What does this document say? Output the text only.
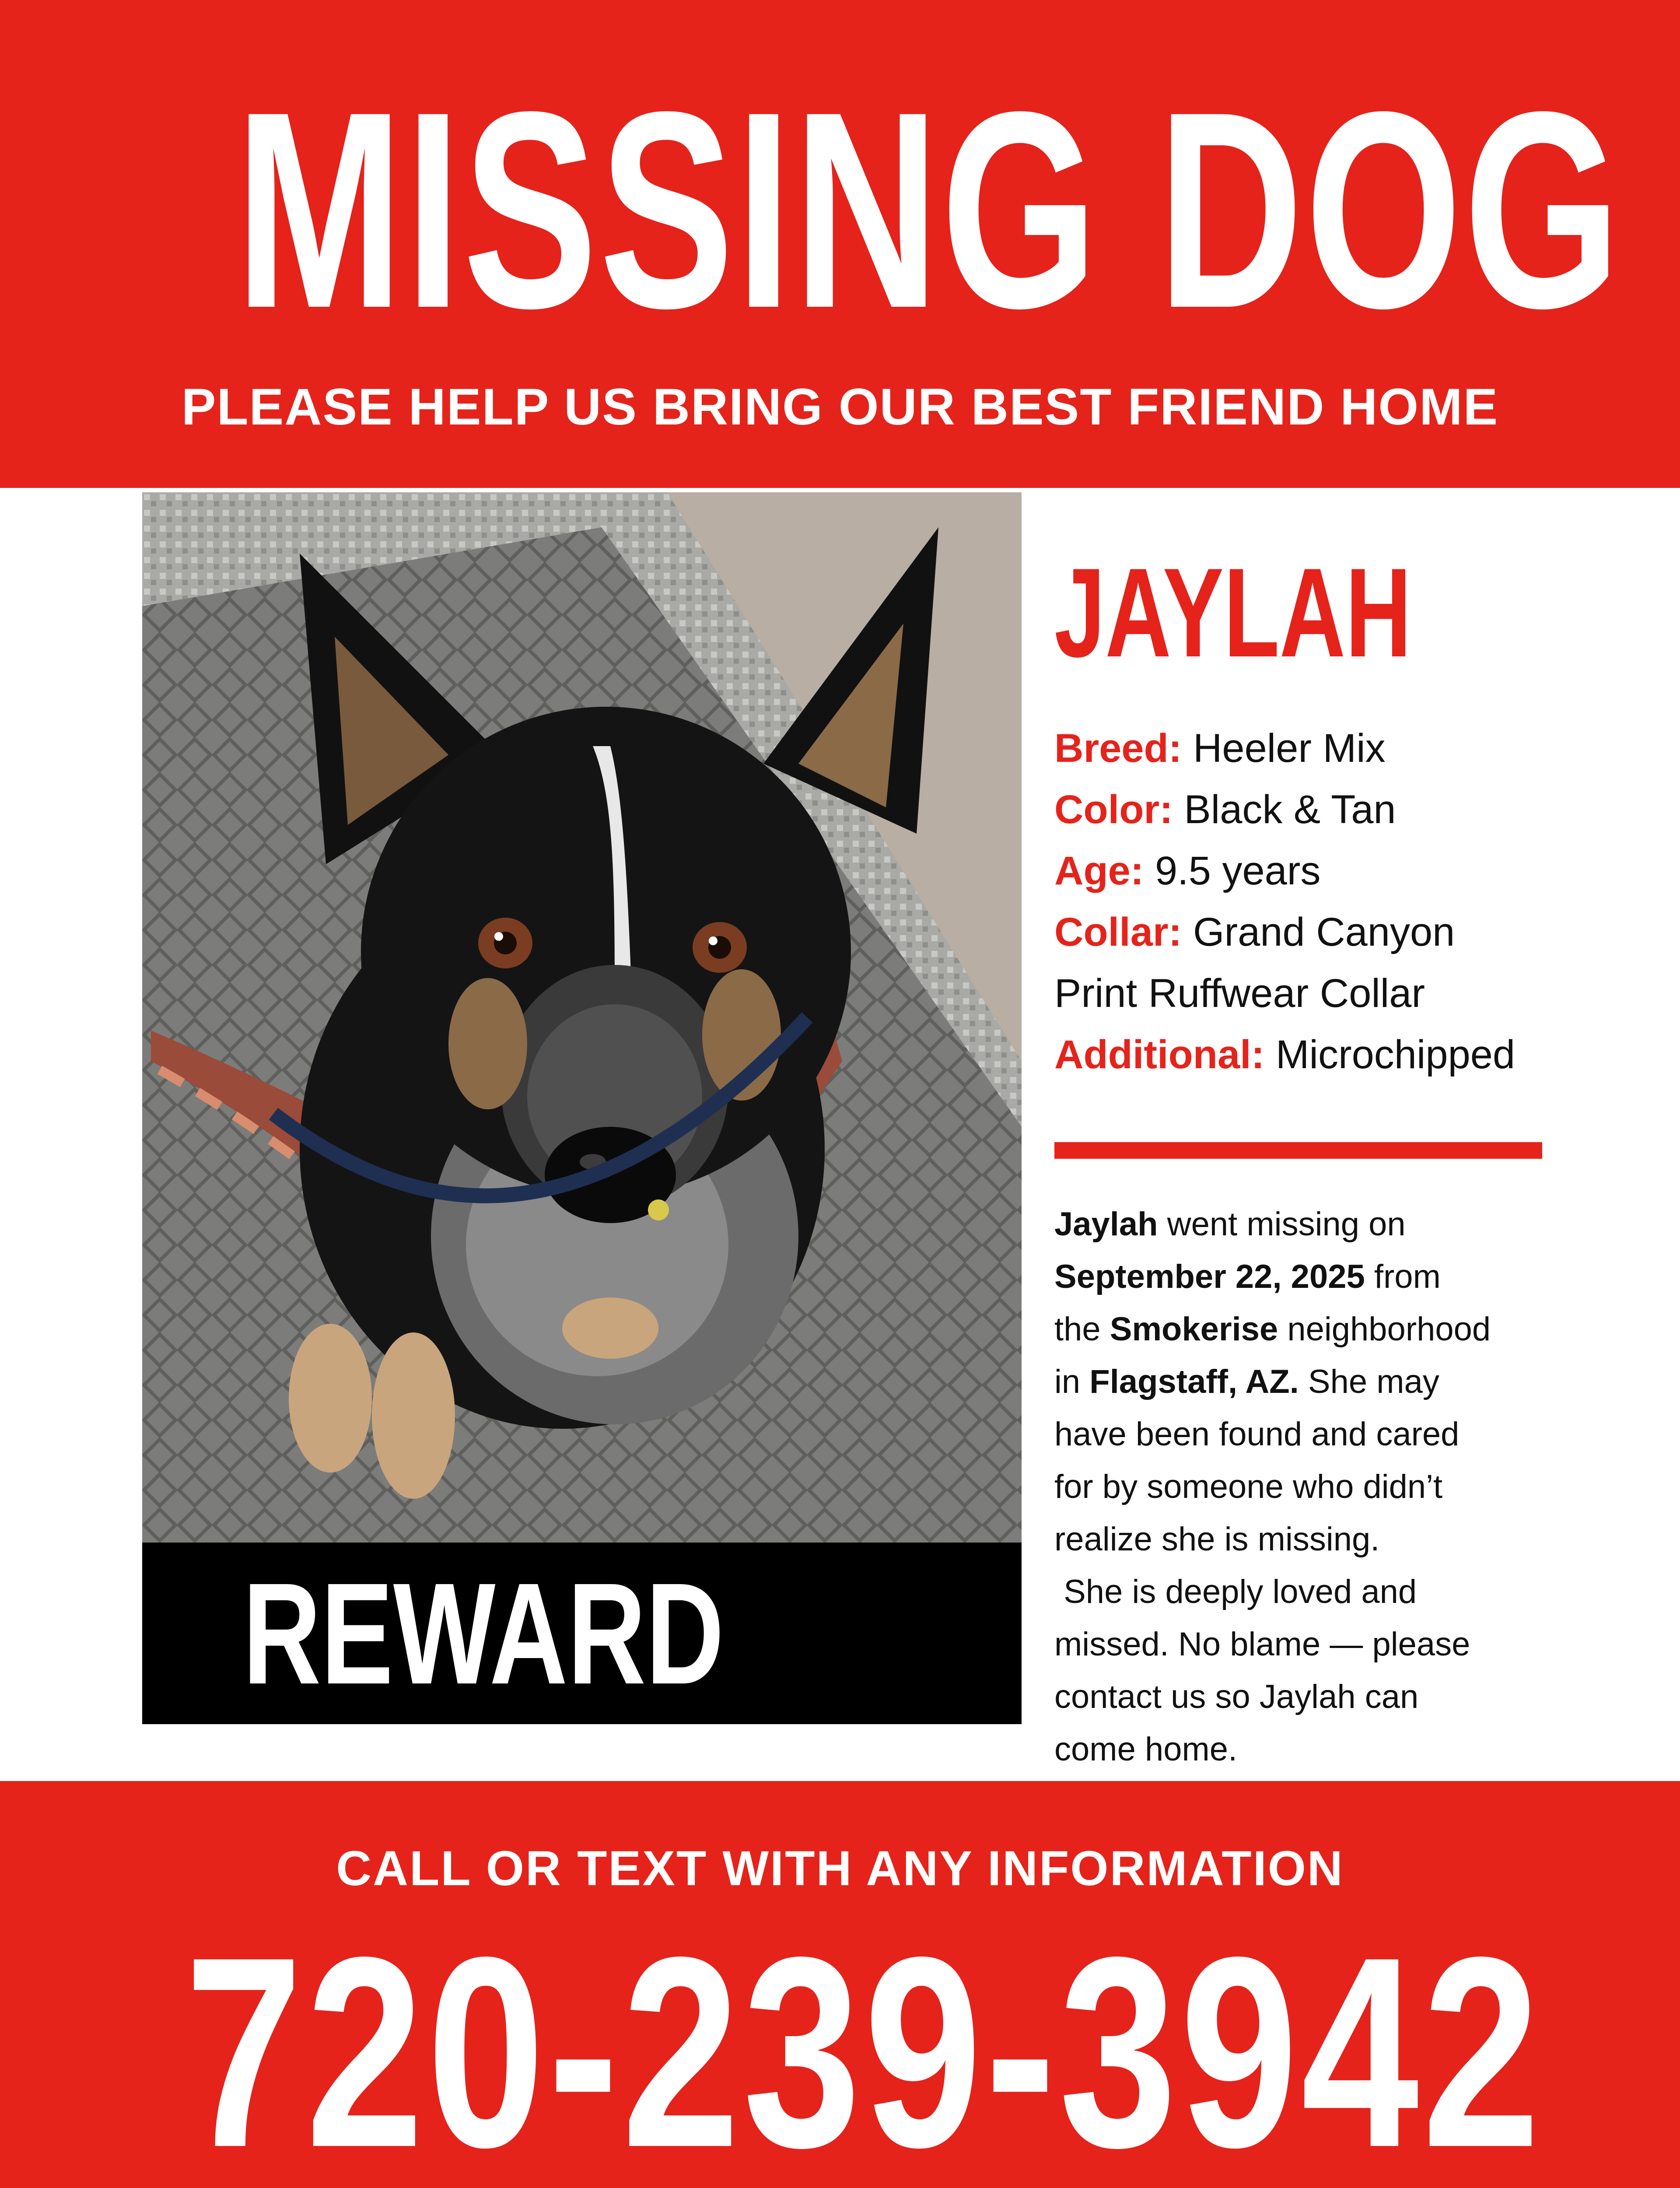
MISSING DOG
PLEASE HELP US BRING OUR BEST FRIEND HOME
REWARD
JAYLAH
Breed: Heeler Mix
Color: Black & Tan
Age: 9.5 years
Collar: Grand Canyon
Print Ruffwear Collar
Additional: Microchipped
Jaylah went missing on
September 22, 2025 from
the Smokerise neighborhood
in Flagstaff, AZ. She may
have been found and cared
for by someone who didn’t
realize she is missing.
She is deeply loved and
missed. No blame — please
contact us so Jaylah can
come home.
CALL OR TEXT WITH ANY INFORMATION
720-239-3942
